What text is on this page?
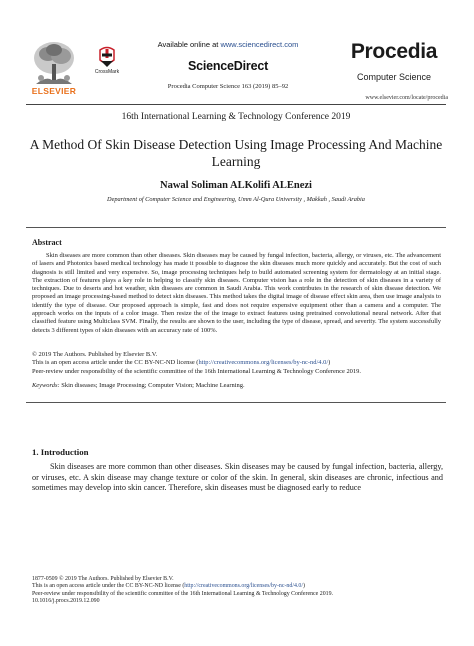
ELSEVIER
CrossMark
Available online at www.sciencedirect.com
ScienceDirect
Procedia Computer Science 163 (2019) 85–92
Procedia
Computer Science
www.elsevier.com/locate/procedia
16th International Learning & Technology Conference 2019
A Method Of Skin Disease Detection Using Image Processing And Machine Learning
Nawal Soliman ALKolifi ALEnezi
Department of Computer Science and Engineering, Umm Al-Qura University , Makkah , Saudi Arabia
Abstract
Skin diseases are more common than other diseases. Skin diseases may be caused by fungal infection, bacteria, allergy, or viruses, etc. The advancement of lasers and Photonics based medical technology has made it possible to diagnose the skin diseases much more quickly and accurately. But the cost of such diagnosis is still limited and very expensive. So, image processing techniques help to build automated screening system for dermatology at an initial stage. The extraction of features plays a key role in helping to classify skin diseases. Computer vision has a role in the detection of skin diseases in a variety of techniques. Due to deserts and hot weather, skin diseases are common in Saudi Arabia. This work contributes in the research of skin disease detection. We proposed an image processing-based method to detect skin diseases. This method takes the digital image of disease effect skin area, then use image analysis to identify the type of disease. Our proposed approach is simple, fast and does not require expensive equipment other than a camera and a computer. The approach works on the inputs of a color image. Then resize the of the image to extract features using pretrained convolutional neural network. After that classified feature using Multiclass SVM. Finally, the results are shown to the user, including the type of disease, spread, and severity. The system successfully detects 3 different types of skin diseases with an accuracy rate of 100%.
© 2019 The Authors. Published by Elsevier B.V.
This is an open access article under the CC BY-NC-ND license (http://creativecommons.org/licenses/by-nc-nd/4.0/)
Peer-review under responsibility of the scientific committee of the 16th International Learning & Technology Conference 2019.
Keywords: Skin diseases; Image Processing; Computer Vision; Machine Learning.
1. Introduction
Skin diseases are more common than other diseases. Skin diseases may be caused by fungal infection, bacteria, allergy, or viruses, etc. A skin disease may change texture or color of the skin. In general, skin diseases are chronic, infectious and sometimes may develop into skin cancer. Therefore, skin diseases must be diagnosed early to reduce
1877-0509 © 2019 The Authors. Published by Elsevier B.V.
This is an open access article under the CC BY-NC-ND license (http://creativecommons.org/licenses/by-nc-nd/4.0/)
Peer-review under responsibility of the scientific committee of the 16th International Learning & Technology Conference 2019.
10.1016/j.procs.2019.12.090
